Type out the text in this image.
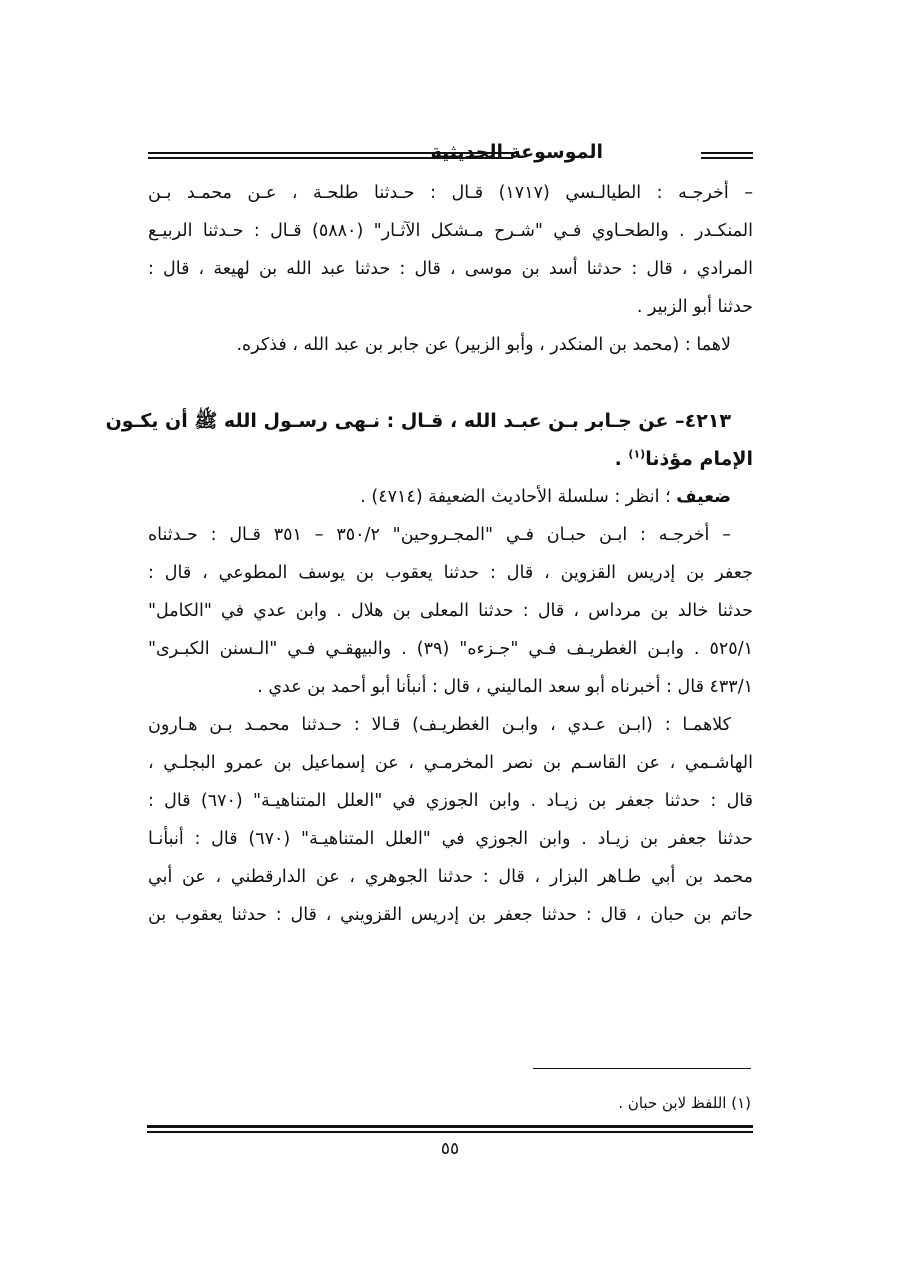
الموسوعة الحديثية
– أخرجـه : الطيالـسي (١٧١٧) قـال : حـدثنا طلحـة ، عـن محمـد بـن
المنكـدر . والطحـاوي فـي "شـرح مـشكل الآثـار" (٥٨٨٠) قـال : حـدثنا الربيـع
المرادي ، قال : حدثنا أسد بن موسى ، قال : حدثنا عبد الله بن لهيعة ، قال :
حدثنا أبو الزبير .
لاهما : (محمد بن المنكدر ، وأبو الزبير) عن جابر بن عبد الله ، فذكره.
٤٢١٣– عن جـابر بـن عبـد الله ، قـال : نـهى رسـول الله ﷺ أن يكـون
الإمام مؤذنا$^{(١)}$ .
ضعيف ؛ انظر : سلسلة الأحاديث الضعيفة (٤٧١٤) .
– أخرجـه : ابـن حبـان فـي "المجـروحين" ٣٥٠/٢ – ٣٥١ قـال : حـدثناه
جعفر بن إدريس القزوين ، قال : حدثنا يعقوب بن يوسف المطوعي ، قال :
حدثنا خالد بن مرداس ، قال : حدثنا المعلى بن هلال . وابن عدي في "الكامل"
٥٢٥/١ . وابـن الغطريـف فـي "جـزءه" (٣٩) . والبيهقـي فـي "الـسنن الكبـرى"
٤٣٣/١ قال : أخبرناه أبو سعد الماليني ، قال : أنبأنا أبو أحمد بن عدي .
كلاهمـا : (ابـن عـدي ، وابـن الغطريـف) قـالا : حـدثنا محمـد بـن هـارون
الهاشـمي ، عن القاسـم بن نصر المخرمـي ، عن إسماعيل بن عمرو البجلـي ،
قال : حدثنا جعفر بن زيـاد . وابن الجوزي في "العلل المتناهيـة" (٦٧٠) قال :
حدثنا جعفر بن زيـاد . وابن الجوزي في "العلل المتناهيـة" (٦٧٠) قال : أنبأنـا
محمد بن أبي طـاهر البزار ، قال : حدثنا الجوهري ، عن الدارقطني ، عن أبي
حاتم بن حبان ، قال : حدثنا جعفر بن إدريس القزويني ، قال : حدثنا يعقوب بن
(١) اللفظ لابن حبان .
٥٥
